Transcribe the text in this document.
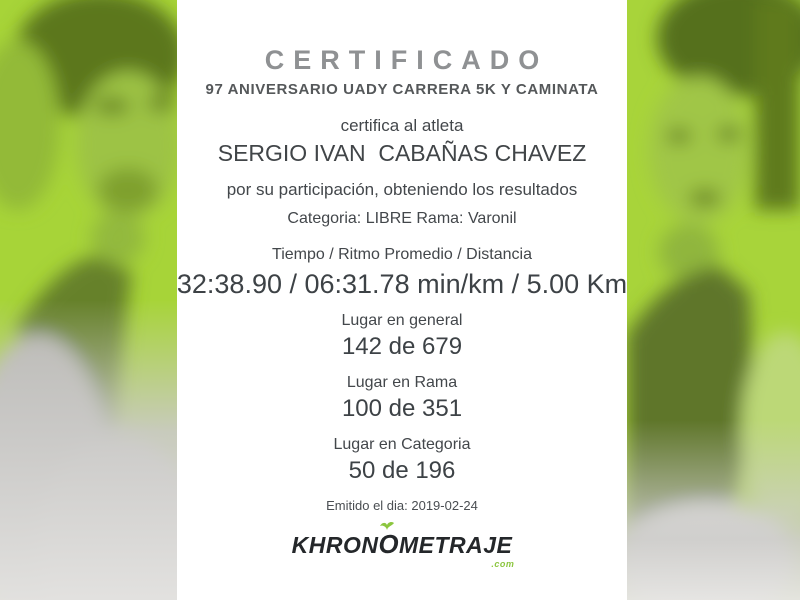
CERTIFICADO
97 ANIVERSARIO UADY CARRERA 5K Y CAMINATA
certifica al atleta
SERGIO IVAN  CABAÑAS CHAVEZ
por su participación, obteniendo los resultados
Categoria: LIBRE Rama: Varonil
Tiempo / Ritmo Promedio / Distancia
32:38.90 / 06:31.78 min/km / 5.00 Km
Lugar en general
142 de 679
Lugar en Rama
100 de 351
Lugar en Categoria
50 de 196
Emitido el dia: 2019-02-24
KHRON
OMETRAJE
.com
